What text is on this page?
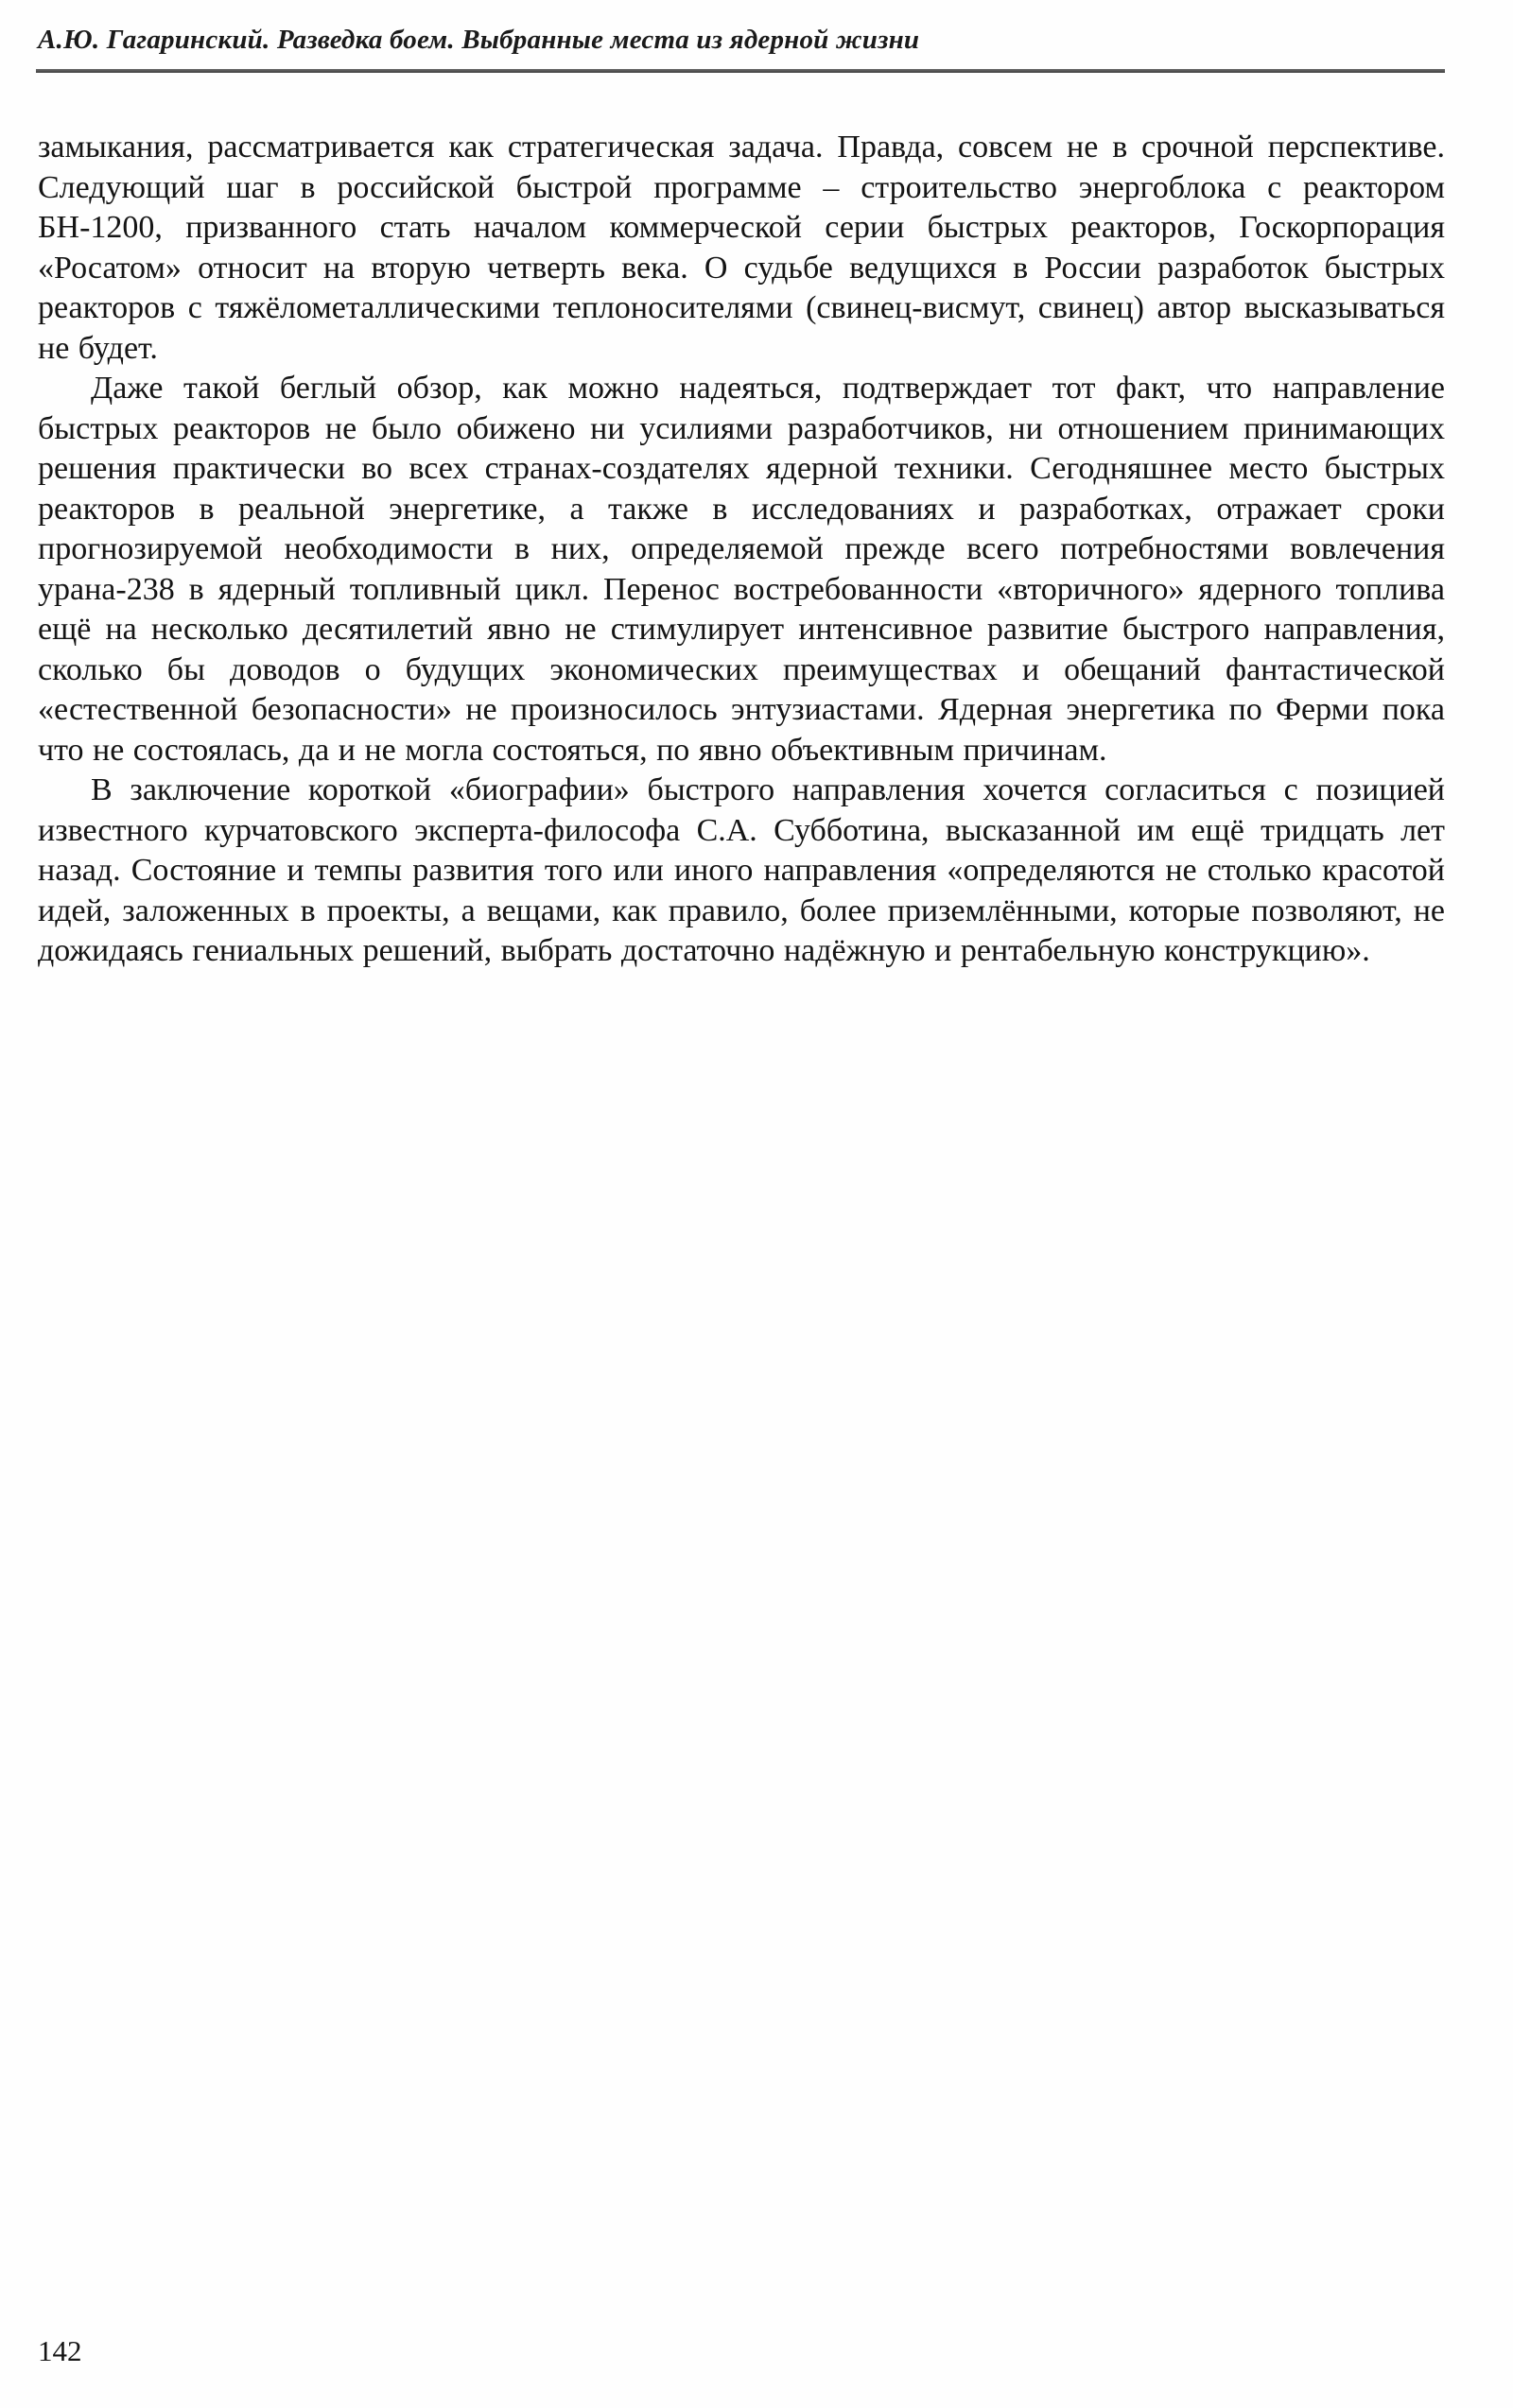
А.Ю. Гагаринский. Разведка боем. Выбранные места из ядерной жизни

замыкания, рассматривается как стратегическая задача. Правда, совсем не в срочной перспективе. Следующий шаг в российской быстрой программе – строительство энергоблока с реактором БН-1200, призванного стать началом коммерческой серии быстрых реакторов, Госкорпорация «Росатом» относит на вторую четверть века. О судьбе ведущихся в России разработок быстрых реакторов с тяжёлометаллическими теплоносителями (свинец-висмут, свинец) автор высказываться не будет.

Даже такой беглый обзор, как можно надеяться, подтверждает тот факт, что направление быстрых реакторов не было обижено ни усилиями разработчиков, ни отношением принимающих решения практически во всех странах-создателях ядерной техники. Сегодняшнее место быстрых реакторов в реальной энергетике, а также в исследованиях и разработках, отражает сроки прогнозируемой необходимости в них, определяемой прежде всего потребностями вовлечения урана-238 в ядерный топливный цикл. Перенос востребованности «вторичного» ядерного топлива ещё на несколько десятилетий явно не стимулирует интенсивное развитие быстрого направления, сколько бы доводов о будущих экономических преимуществах и обещаний фантастической «естественной безопасности» не произносилось энтузиастами. Ядерная энергетика по Ферми пока что не состоялась, да и не могла состояться, по явно объективным причинам.

В заключение короткой «биографии» быстрого направления хочется согласиться с позицией известного курчатовского эксперта-философа С.А. Субботина, высказанной им ещё тридцать лет назад. Состояние и темпы развития того или иного направления «определяются не столько красотой идей, заложенных в проекты, а вещами, как правило, более приземлёнными, которые позволяют, не дожидаясь гениальных решений, выбрать достаточно надёжную и рентабельную конструкцию».

142
